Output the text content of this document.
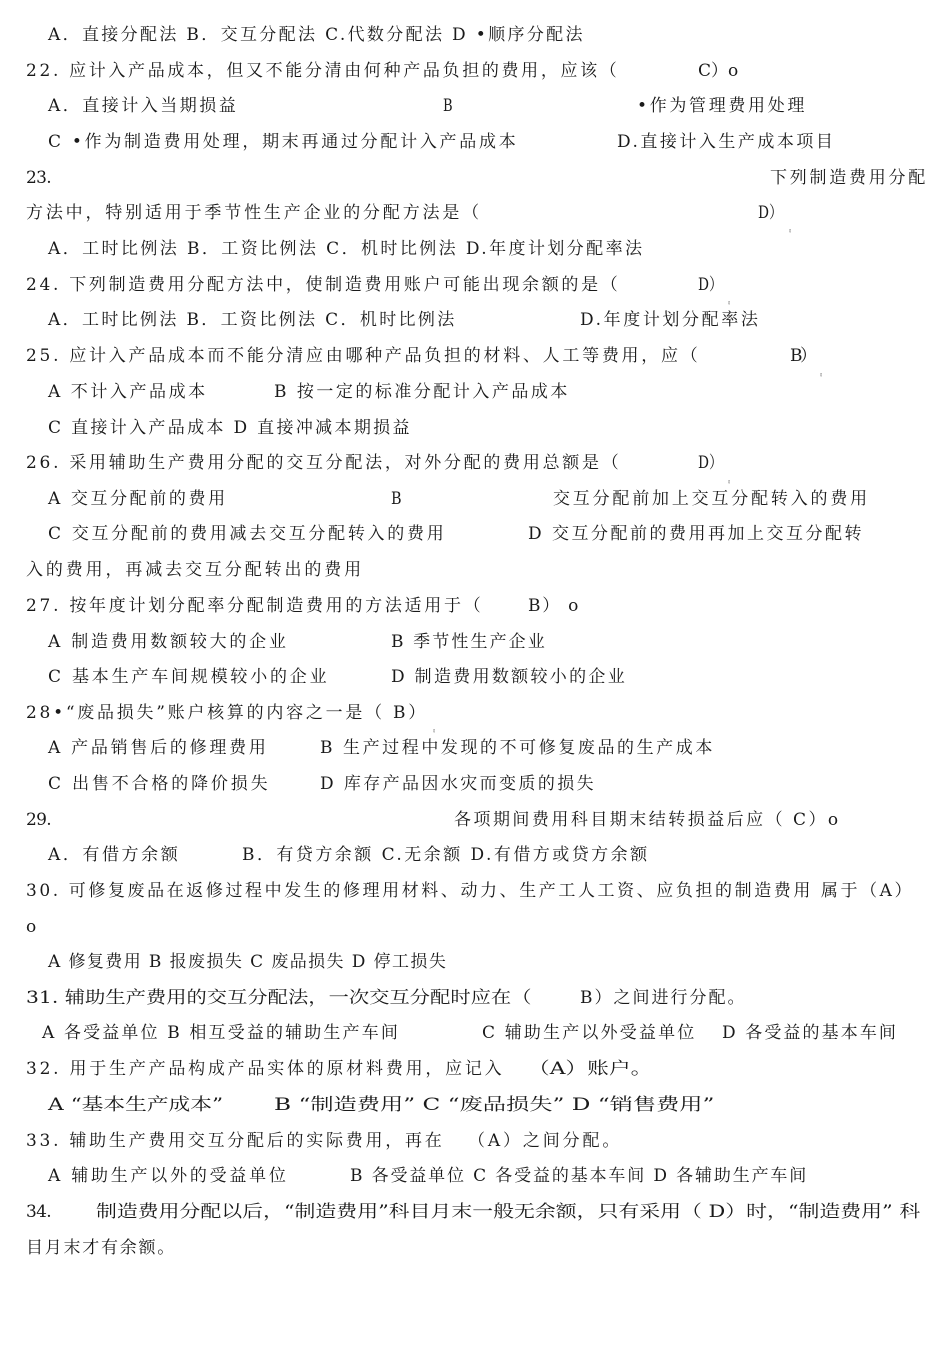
A．直接分配法 B．交互分配法 C.代数分配法 D •顺序分配法
22. 应计入产品成本，但又不能分清由何种产品负担的费用，应该（	C）o
A．直接计入当期损益	B	•作为管理费用处理
C •作为制造费用处理，期末再通过分配计入产品成本	D.直接计入生产成本项目
23.	下列制造费用分配
方法中，特别适用于季节性生产企业的分配方法是（	D）
。
A．工时比例法 B．工资比例法 C．机时比例法 D.年度计划分配率法
24. 下列制造费用分配方法中，使制造费用账户可能出现余额的是（	D）
。
A．工时比例法 B．工资比例法 C．机时比例法	D.年度计划分配率法
25. 应计入产品成本而不能分清应由哪种产品负担的材料、人工等费用，应（	B）
。
A 不计入产品成本	B 按一定的标准分配计入产品成本
C 直接计入产品成本 D 直接冲减本期损益
26. 采用辅助生产费用分配的交互分配法，对外分配的费用总额是（	D）
。
A 交互分配前的费用	B	交互分配前加上交互分配转入的费用
C 交互分配前的费用减去交互分配转入的费用	D 交互分配前的费用再加上交互分配转
入的费用，再减去交互分配转出的费用
27. 按年度计划分配率分配制造费用的方法适用于（	B） o
A 制造费用数额较大的企业	B 季节性生产企业
C 基本生产车间规模较小的企业	D 制造费用数额较小的企业
28•“废品损失”账户核算的内容之一是（ B）
。
A 产品销售后的修理费用	B 生产过程中发现的不可修复废品的生产成本
C 出售不合格的降价损失	D 库存产品因水灾而变质的损失
29.	各项期间费用科目期末结转损益后应（ C）o
A．有借方余额	B．有贷方余额 C.无余额 D.有借方或贷方余额
30. 可修复废品在返修过程中发生的修理用材料、动力、生产工人工资、应负担的制造费用 属于（A）
o
A 修复费用 B 报废损失 C 废品损失 D 停工损失
31. 辅助生产费用的交互分配法，一次交互分配时应在（	B）之间进行分配。
A 各受益单位 B 相互受益的辅助生产车间	C 辅助生产以外受益单位 D 各受益的基本车间
32. 用于生产产品构成产品实体的原材料费用，应记入 （A）账户。
A “基本生产成本”	B “制造费用” C “废品损失” D “销售费用”
33. 辅助生产费用交互分配后的实际费用，再在 （A）之间分配。
A 辅助生产以外的受益单位	B 各受益单位 C 各受益的基本车间 D 各辅助生产车间
34.	制造费用分配以后，“制造费用”科目月末一般无余额，只有采用（ D）时，“制造费用” 科
目月末才有余额。
